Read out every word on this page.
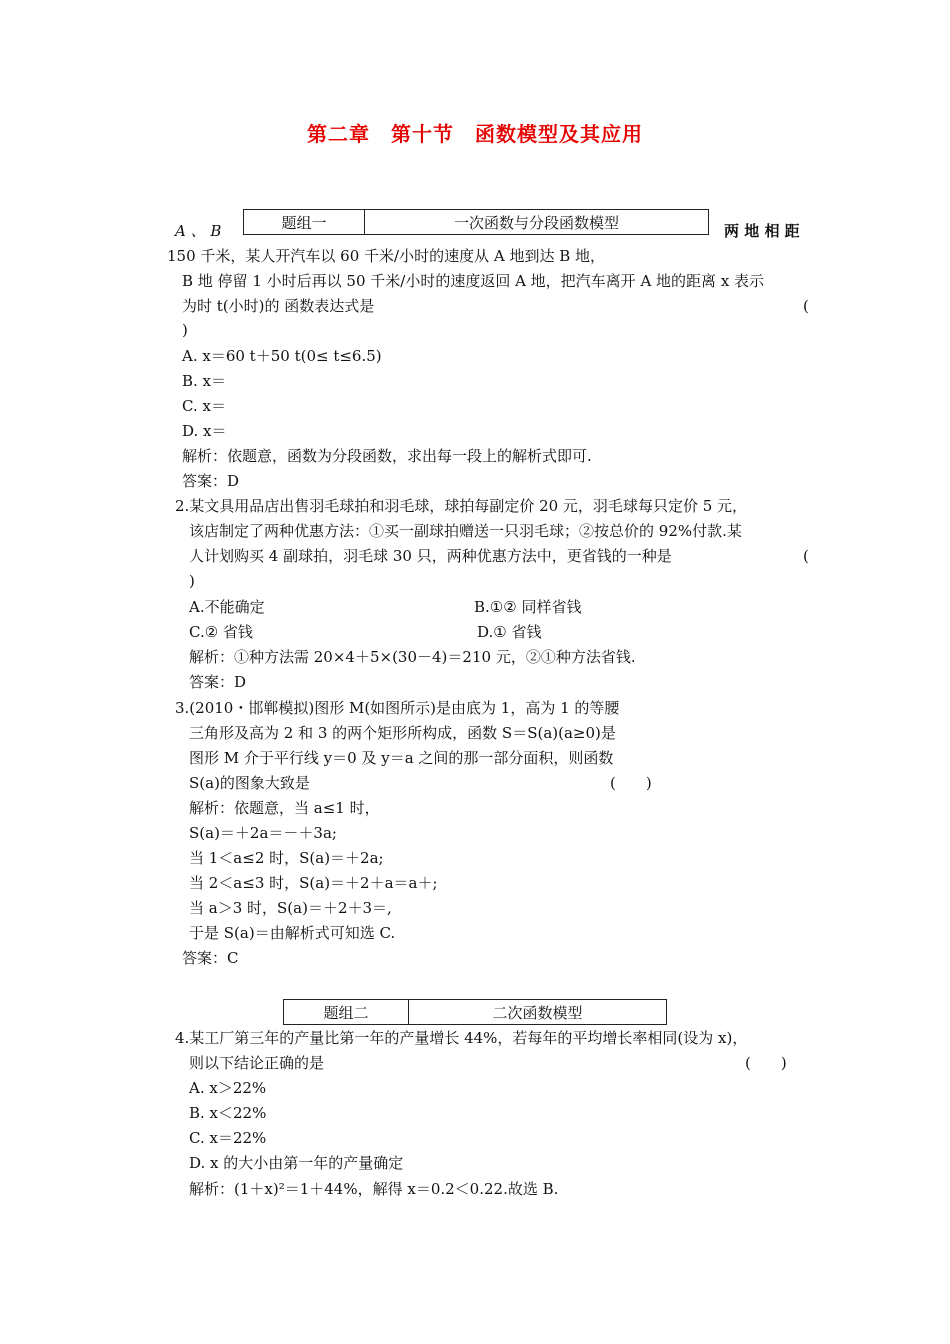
第二章　第十节　函数模型及其应用
题组一	一次函数与分段函数模型
A 、 B	两 地 相 距
150 千米，某人开汽车以 60 千米/小时的速度从 A 地到达 B 地，
B 地 停留 1 小时后再以 50 千米/小时的速度返回 A 地，把汽车离开 A 地的距离 x 表示
为时 t(小时)的 函数表达式是	(
)
A. x＝60 t＋50 t(0≤ t≤6.5)
B. x＝
C. x＝
D. x＝
解析：依题意，函数为分段函数，求出每一段上的解析式即可.
答案：D
2.某文具用品店出售羽毛球拍和羽毛球，球拍每副定价 20 元，羽毛球每只定价 5 元，
该店制定了两种优惠方法：①买一副球拍赠送一只羽毛球；②按总价的 92%付款.某
人计划购买 4 副球拍，羽毛球 30 只，两种优惠方法中，更省钱的一种是	(
)
A.不能确定	B.①② 同样省钱
C.② 省钱	D.① 省钱
解析：①种方法需 20×4＋5×(30－4)＝210 元，②①种方法省钱.
答案：D
3.(2010・邯郸模拟)图形 M(如图所示)是由底为 1，高为 1 的等腰
三角形及高为 2 和 3 的两个矩形所构成，函数 S＝S(a)(a≥0)是
图形 M 介于平行线 y＝0 及 y＝a 之间的那一部分面积，则函数
S(a)的图象大致是	(　　)
解析：依题意，当 a≤1 时，
S(a)＝＋2a＝－＋3a;
当 1＜a≤2 时，S(a)＝＋2a;
当 2＜a≤3 时，S(a)＝＋2＋a＝a＋;
当 a＞3 时，S(a)＝＋2＋3＝,
于是 S(a)＝由解析式可知选 C.
答案：C
题组二	二次函数模型
4.某工厂第三年的产量比第一年的产量增长 44%，若每年的平均增长率相同(设为 x)，
则以下结论正确的是	(　　)
A. x＞22%
B. x＜22%
C. x＝22%
D. x 的大小由第一年的产量确定
解析：(1＋x)²＝1＋44%，解得 x＝0.2＜0.22.故选 B.
